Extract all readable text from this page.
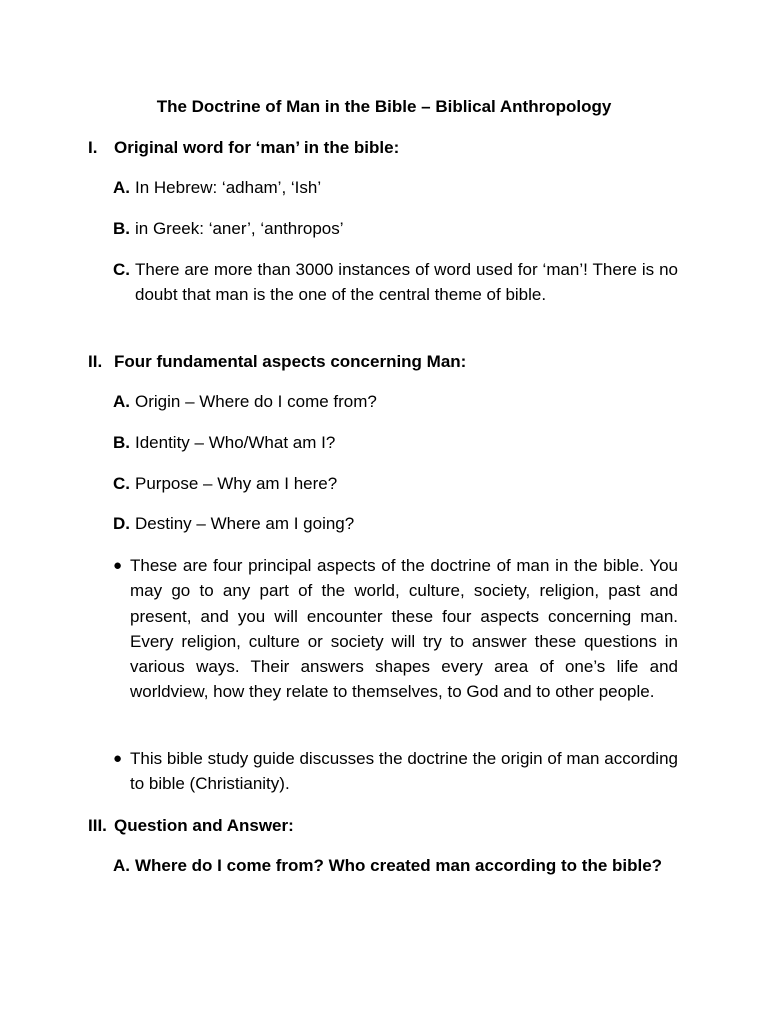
The Doctrine of Man in the Bible – Biblical Anthropology
I. Original word for ‘man’ in the bible:
A. In Hebrew: ‘adham’, ‘Ish’
B. in Greek: ‘aner’, ‘anthropos’
C. There are more than 3000 instances of word used for ‘man’! There is no doubt that man is the one of the central theme of bible.
II. Four fundamental aspects concerning Man:
A. Origin – Where do I come from?
B. Identity – Who/What am I?
C. Purpose – Why am I here?
D. Destiny – Where am I going?
● These are four principal aspects of the doctrine of man in the bible. You may go to any part of the world, culture, society, religion, past and present, and you will encounter these four aspects concerning man. Every religion, culture or society will try to answer these questions in various ways. Their answers shapes every area of one’s life and worldview, how they relate to themselves, to God and to other people.
● This bible study guide discusses the doctrine the origin of man according to bible (Christianity).
III. Question and Answer:
A. Where do I come from? Who created man according to the bible?
